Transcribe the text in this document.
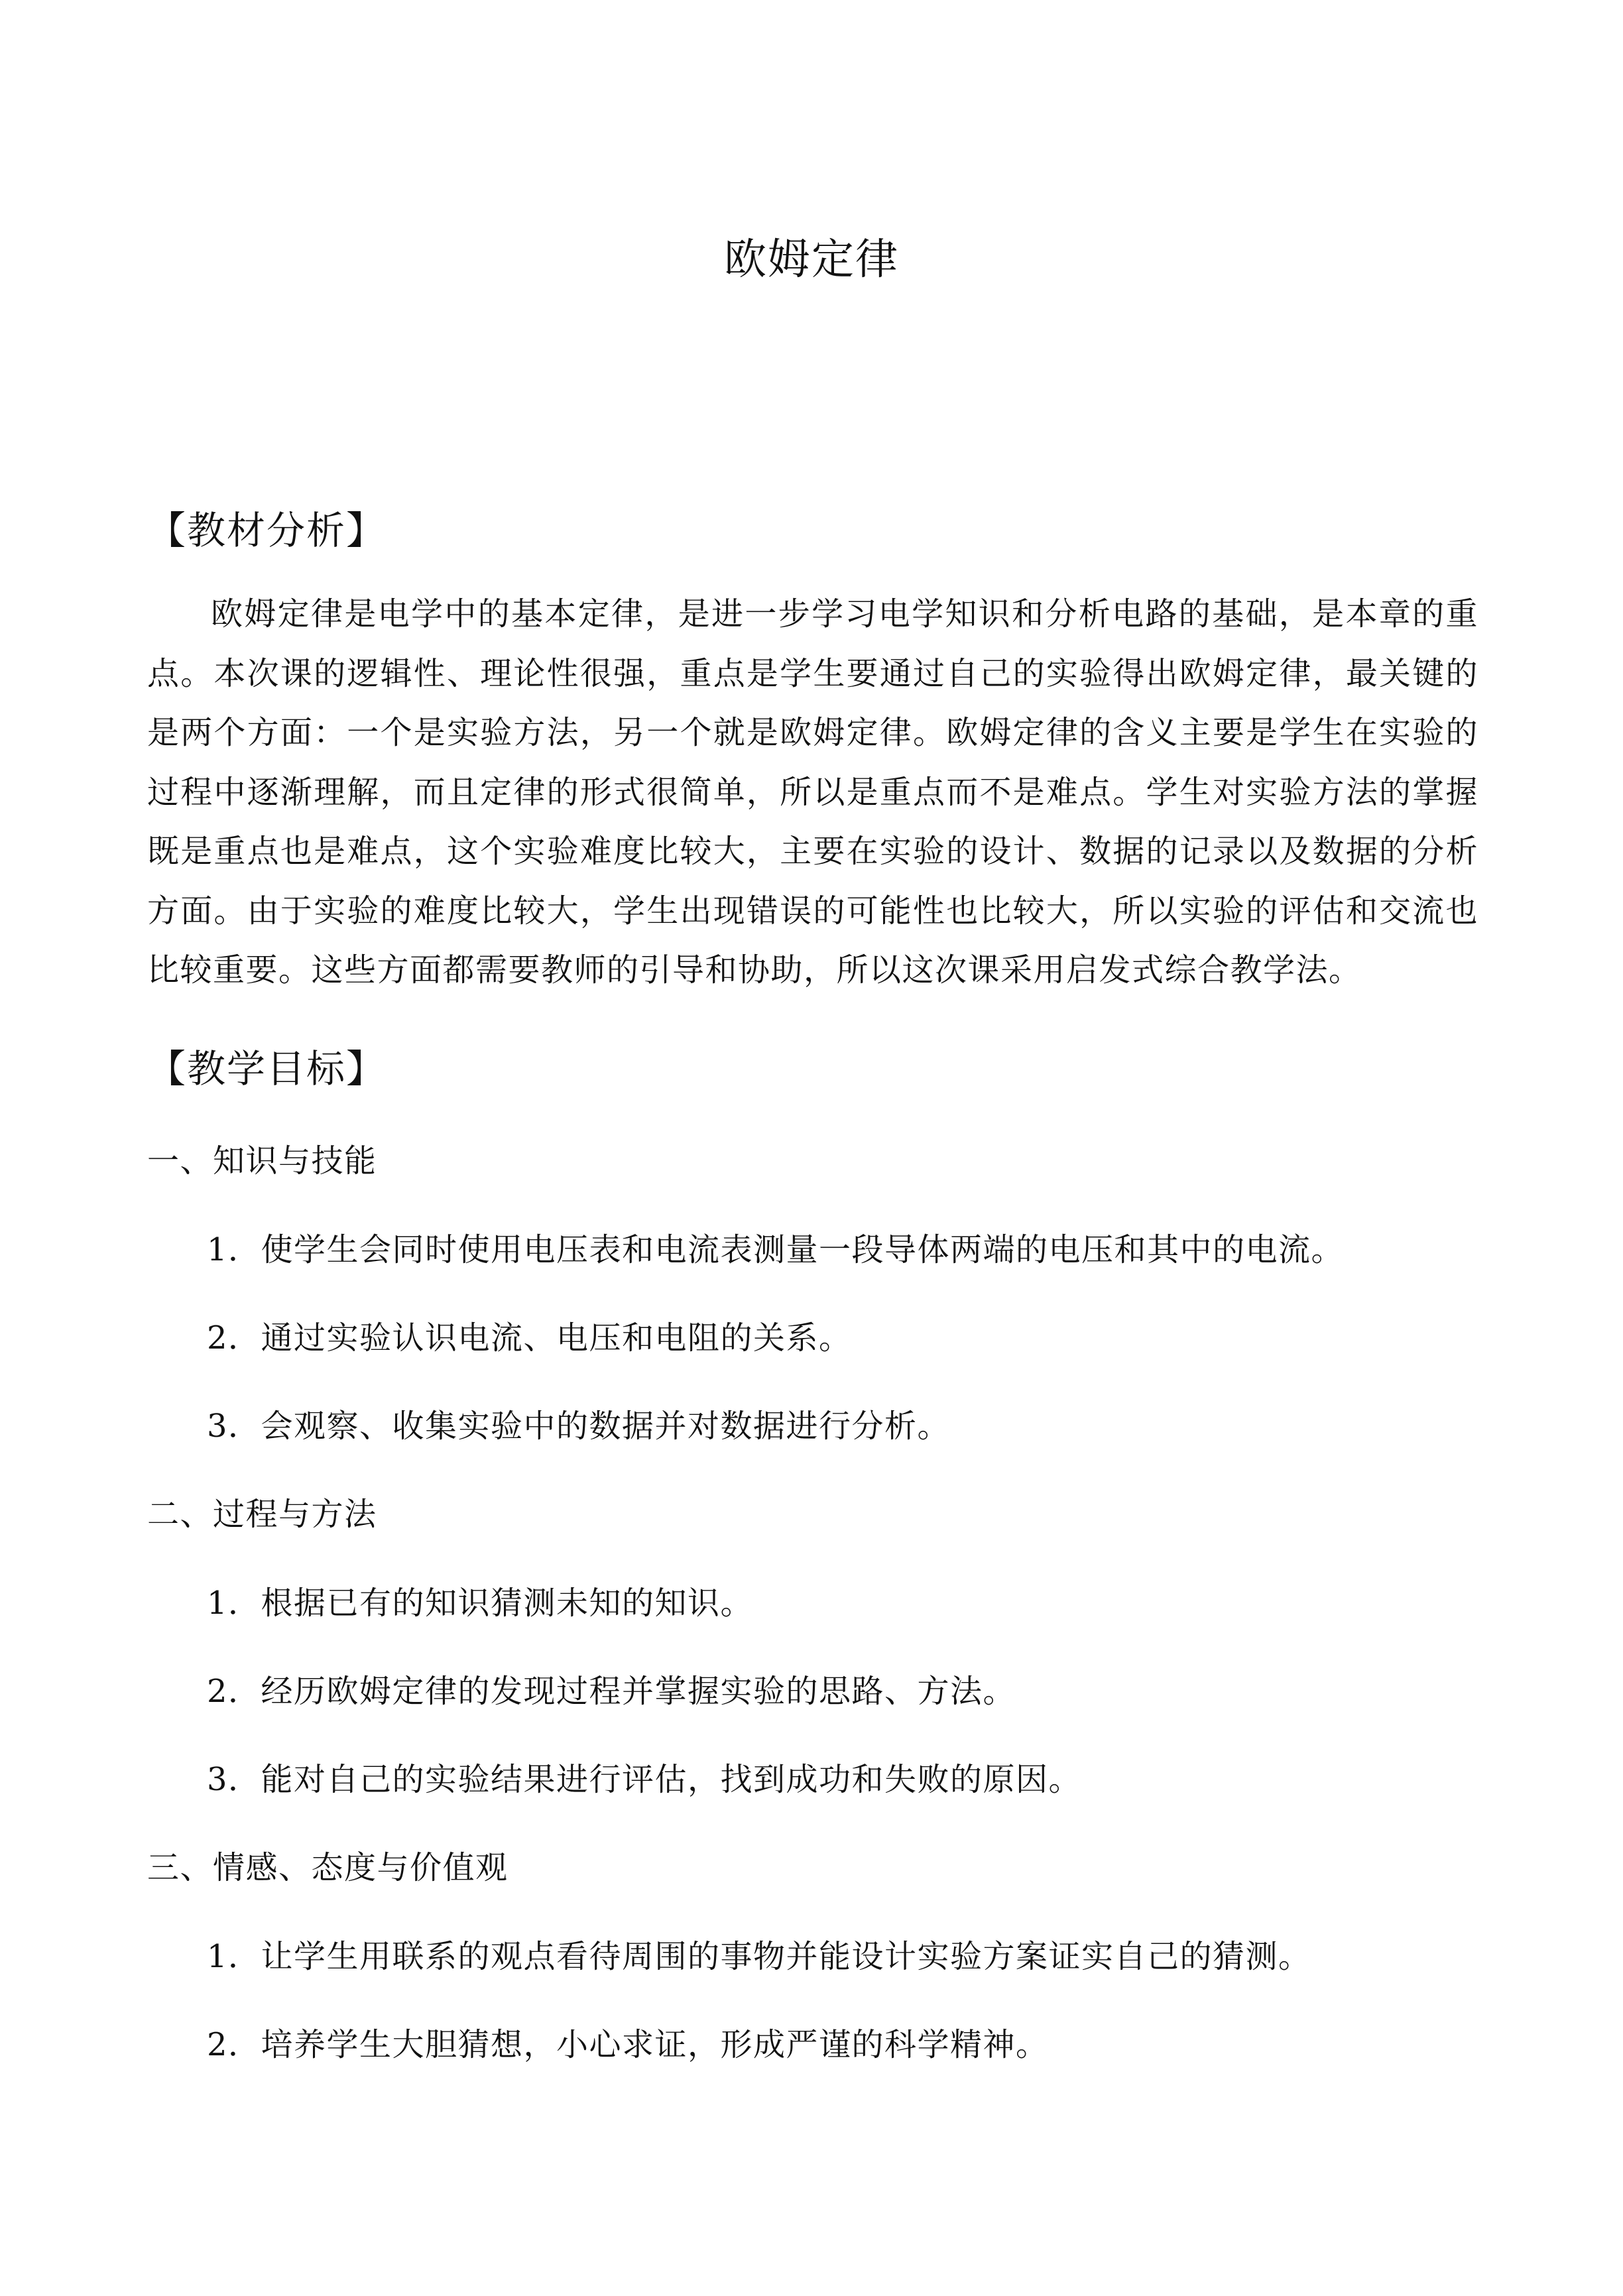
欧姆定律
【教材分析】
欧姆定律是电学中的基本定律，是进一步学习电学知识和分析电路的基础，是本章的重点。本次课的逻辑性、理论性很强，重点是学生要通过自己的实验得出欧姆定律，最关键的是两个方面：一个是实验方法，另一个就是欧姆定律。欧姆定律的含义主要是学生在实验的过程中逐渐理解，而且定律的形式很简单，所以是重点而不是难点。学生对实验方法的掌握既是重点也是难点，这个实验难度比较大，主要在实验的设计、数据的记录以及数据的分析方面。由于实验的难度比较大，学生出现错误的可能性也比较大，所以实验的评估和交流也比较重要。这些方面都需要教师的引导和协助，所以这次课采用启发式综合教学法。
【教学目标】
一、知识与技能
1．使学生会同时使用电压表和电流表测量一段导体两端的电压和其中的电流。
2．通过实验认识电流、电压和电阻的关系。
3．会观察、收集实验中的数据并对数据进行分析。
二、过程与方法
1．根据已有的知识猜测未知的知识。
2．经历欧姆定律的发现过程并掌握实验的思路、方法。
3．能对自己的实验结果进行评估，找到成功和失败的原因。
三、情感、态度与价值观
1．让学生用联系的观点看待周围的事物并能设计实验方案证实自己的猜测。
2．培养学生大胆猜想，小心求证，形成严谨的科学精神。
